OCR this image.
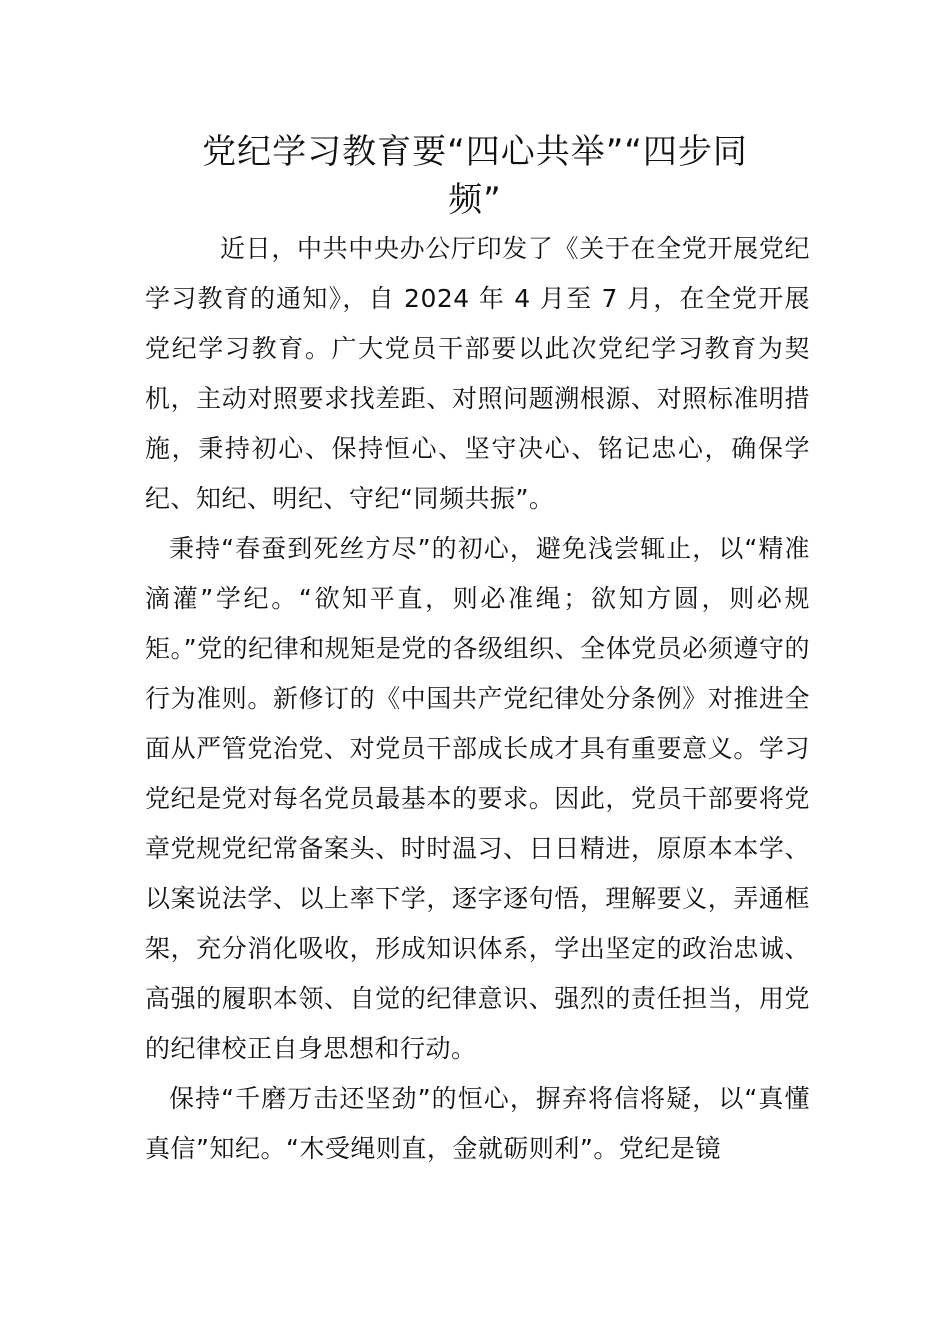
党纪学习教育要“四心共举”“四步同
频”

近日，中共中央办公厅印发了《关于在全党开展党纪学习教育的通知》，自 2024 年 4 月至 7 月，在全党开展党纪学习教育。广大党员干部要以此次党纪学习教育为契机，主动对照要求找差距、对照问题溯根源、对照标准明措施，秉持初心、保持恒心、坚守决心、铭记忠心，确保学纪、知纪、明纪、守纪“同频共振”。

秉持“春蚕到死丝方尽”的初心，避免浅尝辄止，以“精准滴灌”学纪。“欲知平直，则必准绳；欲知方圆，则必规矩。”党的纪律和规矩是党的各级组织、全体党员必须遵守的行为准则。新修订的《中国共产党纪律处分条例》对推进全面从严管党治党、对党员干部成长成才具有重要意义。学习党纪是党对每名党员最基本的要求。因此，党员干部要将党章党规党纪常备案头、时时温习、日日精进，原原本本学、以案说法学、以上率下学，逐字逐句悟，理解要义，弄通框架，充分消化吸收，形成知识体系，学出坚定的政治忠诚、高强的履职本领、自觉的纪律意识、强烈的责任担当，用党的纪律校正自身思想和行动。

保持“千磨万击还坚劲”的恒心，摒弃将信将疑，以“真懂真信”知纪。“木受绳则直，金就砺则利”。党纪是镜
